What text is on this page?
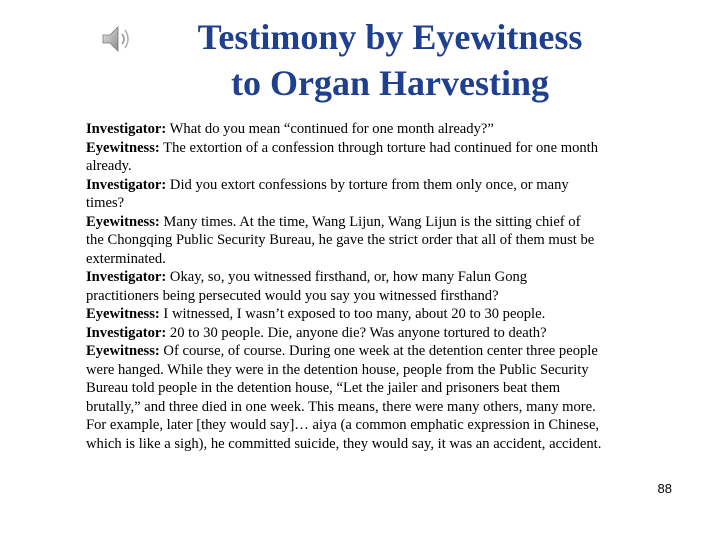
Testimony by Eyewitness
to Organ Harvesting
Investigator: What do you mean “continued for one month already?”
Eyewitness: The extortion of a confession through torture had continued for one month
already.
Investigator: Did you extort confessions by torture from them only once, or many
times?
Eyewitness: Many times. At the time, Wang Lijun, Wang Lijun is the sitting chief of
the Chongqing Public Security Bureau, he gave the strict order that all of them must be
exterminated.
Investigator: Okay, so, you witnessed firsthand, or, how many Falun Gong
practitioners being persecuted would you say you witnessed firsthand?
Eyewitness: I witnessed, I wasn’t exposed to too many, about 20 to 30 people.
Investigator: 20 to 30 people. Die, anyone die? Was anyone tortured to death?
Eyewitness: Of course, of course. During one week at the detention center three people
were hanged. While they were in the detention house, people from the Public Security
Bureau told people in the detention house, “Let the jailer and prisoners beat them
brutally,” and three died in one week. This means, there were many others, many more.
For example, later [they would say]… aiya (a common emphatic expression in Chinese,
which is like a sigh), he committed suicide, they would say, it was an accident, accident.
88
